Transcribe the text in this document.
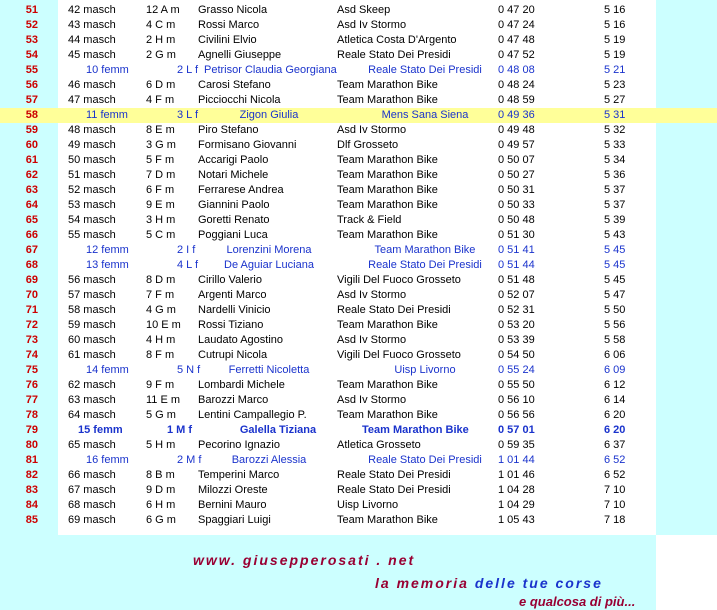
51	42 masch	12 A m Grasso Nicola	Asd Skeep	0 47 20	5 16
52	43 masch	4 C m Rossi Marco	Asd Iv Stormo	0 47 24	5 16
53	44 masch	2 H m Civilini Elvio	Atletica Costa D'Argento	0 47 48	5 19
54	45 masch	2 G m Agnelli Giuseppe	Reale Stato Dei Presidi	0 47 52	5 19
55	10 femm	2 L f Petrisor Claudia Georgiana	Reale Stato Dei Presidi	0 48 08	5 21
56	46 masch	6 D m Carosi Stefano	Team Marathon Bike	0 48 24	5 23
57	47 masch	4 F m Picciocchi Nicola	Team Marathon Bike	0 48 59	5 27
58	11 femm	3 L f	Zigon Giulia	Mens Sana Siena	0 49 36	5 31
59	48 masch	8 E m Piro Stefano	Asd Iv Stormo	0 49 48	5 32
60	49 masch	3 G m Formisano Giovanni	Dlf Grosseto	0 49 57	5 33
61	50 masch	5 F m Accarigi Paolo	Team Marathon Bike	0 50 07	5 34
62	51 masch	7 D m Notari Michele	Team Marathon Bike	0 50 27	5 36
63	52 masch	6 F m Ferrarese Andrea	Team Marathon Bike	0 50 31	5 37
64	53 masch	9 E m Giannini Paolo	Team Marathon Bike	0 50 33	5 37
65	54 masch	3 H m Goretti Renato	Track & Field	0 50 48	5 39
66	55 masch	5 C m Poggiani Luca	Team Marathon Bike	0 51 30	5 43
67	12 femm	2 I f	Lorenzini Morena	Team Marathon Bike	0 51 41	5 45
68	13 femm	4 L f	De Aguiar Luciana	Reale Stato Dei Presidi	0 51 44	5 45
69	56 masch	8 D m Cirillo Valerio	Vigili Del Fuoco Grosseto	0 51 48	5 45
70	57 masch	7 F m Argenti Marco	Asd Iv Stormo	0 52 07	5 47
71	58 masch	4 G m Nardelli Vinicio	Reale Stato Dei Presidi	0 52 31	5 50
72	59 masch	10 E m Rossi Tiziano	Team Marathon Bike	0 53 20	5 56
73	60 masch	4 H m Laudato Agostino	Asd Iv Stormo	0 53 39	5 58
74	61 masch	8 F m Cutrupi Nicola	Vigili Del Fuoco Grosseto	0 54 50	6 06
75	14 femm	5 N f	Ferretti Nicoletta	Uisp Livorno	0 55 24	6 09
76	62 masch	9 F m Lombardi Michele	Team Marathon Bike	0 55 50	6 12
77	63 masch	11 E m Barozzi Marco	Asd Iv Stormo	0 56 10	6 14
78	64 masch	5 G m Lentini Campallegio P.	Team Marathon Bike	0 56 56	6 20
79	15 femm	1 M f	Galella Tiziana	Team Marathon Bike	0 57 01	6 20
80	65 masch	5 H m Pecorino Ignazio	Atletica Grosseto	0 59 35	6 37
81	16 femm	2 M f	Barozzi Alessia	Reale Stato Dei Presidi	1 01 44	6 52
82	66 masch	8 B m Temperini Marco	Reale Stato Dei Presidi	1 01 46	6 52
83	67 masch	9 D m Milozzi Oreste	Reale Stato Dei Presidi	1 04 28	7 10
84	68 masch	6 H m Bernini Mauro	Uisp Livorno	1 04 29	7 10
85	69 masch	6 G m Spaggiari Luigi	Team Marathon Bike	1 05 43	7 18
www. giusepperosati . net
la memoria delle tue corse
e qualcosa di più...
